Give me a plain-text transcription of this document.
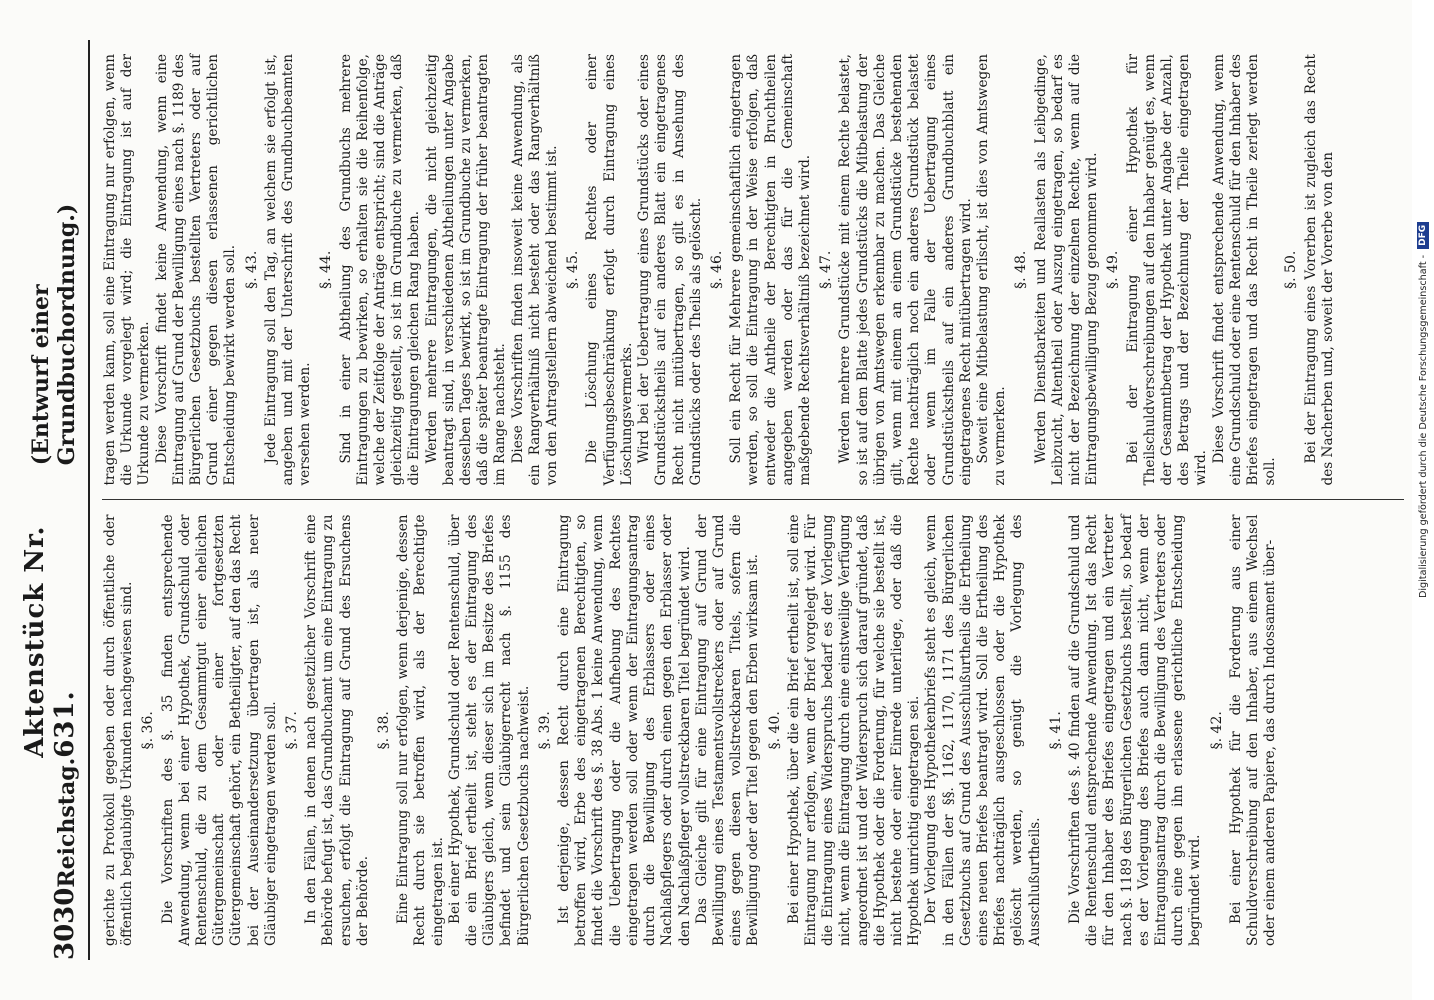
3030
Reichstag.
Aktenstück Nr. 631.
(Entwurf einer Grundbuchordnung.)

gerichte zu Protokoll gegeben oder durch öffentliche oder öffentlich beglaubigte Urkunden nachgewiesen sind. §. 36. Die Vorschriften des §. 35 finden entsprechende Anwendung, wenn bei einer Hypothek, Grundschuld oder Rentenschuld, die zu dem Gesammtgut einer ehelichen Gütergemeinschaft oder einer fortgesetzten Gütergemeinschaft gehört, ein Betheiligter, auf den das Recht bei der Auseinandersetzung übertragen ist, als neuer Gläubiger eingetragen werden soll. §. 37. In den Fällen, in denen nach gesetzlicher Vorschrift eine Behörde befugt ist, das Grundbuchamt um eine Eintragung zu ersuchen, erfolgt die Eintragung auf Grund des Ersuchens der Behörde.

§. 38. Eine Eintragung soll nur erfolgen, wenn derjenige, dessen Recht durch sie betroffen wird, als der Berechtigte eingetragen ist. Bei einer Hypothek, Grundschuld oder Rentenschuld, über die ein Brief ertheilt ist, steht es der Eintragung des Gläubigers gleich, wenn dieser sich im Besitze des Briefes befindet und sein Gläubigerrecht nach §. 1155 des Bürgerlichen Gesetzbuchs nachweist. §. 39. Ist derjenige, dessen Recht durch eine Eintragung betroffen wird, Erbe des eingetragenen Berechtigten, so findet die Vorschrift des §. 38 Abs. 1 keine Anwendung, wenn die Uebertragung oder die Aufhebung des Rechtes eingetragen werden soll oder wenn der Eintragungsantrag durch die Bewilligung des Erblassers oder eines Nachlaßpflegers oder durch einen gegen den Erblasser oder den Nachlaßpfleger vollstreckbaren Titel begründet wird. Das Gleiche gilt für eine Eintragung auf Grund der Bewilligung eines Testamentsvollstreckers oder auf Grund eines gegen diesen vollstreckbaren Titels, sofern die Bewilligung oder der Titel gegen den Erben wirksam ist. §. 40. Bei einer Hypothek, über die ein Brief ertheilt ist, soll eine Eintragung nur erfolgen, wenn der Brief vorgelegt wird. Für die Eintragung eines Widerspruchs bedarf es der Vorlegung nicht, wenn die Eintragung durch eine einstweilige Verfügung angeordnet ist und der Widerspruch sich darauf gründet, daß die Hypothek oder die Forderung, für welche sie bestellt ist, nicht bestehe oder einer Einrede unterliege, oder daß die Hypothek unrichtig eingetragen sei. Der Vorlegung des Hypothekenbriefs steht es gleich, wenn in den Fällen der §§. 1162, 1170, 1171 des Bürgerlichen Gesetzbuchs auf Grund des Ausschlußurtheils die Ertheilung eines neuen Briefes beantragt wird. Soll die Ertheilung des Briefes nachträglich ausgeschlossen oder die Hypothek gelöscht werden, so genügt die Vorlegung des Ausschlußurtheils.

§. 41. Die Vorschriften des §. 40 finden auf die Grundschuld und die Rentenschuld entsprechende Anwendung. Ist das Recht für den Inhaber des Briefes eingetragen und ein Vertreter nach §. 1189 des Bürgerlichen Gesetzbuchs bestellt, so bedarf es der Vorlegung des Briefes auch dann nicht, wenn der Eintragungsantrag durch die Bewilligung des Vertreters oder durch eine gegen ihn erlassene gerichtliche Entscheidung begründet wird.

§. 42. Bei einer Hypothek für die Forderung aus einer Schuldverschreibung auf den Inhaber, aus einem Wechsel oder einem anderen Papiere, das durch Indossament über-

tragen werden kann, soll eine Eintragung nur erfolgen, wenn die Urkunde vorgelegt wird; die Eintragung ist auf der Urkunde zu vermerken. Diese Vorschrift findet keine Anwendung, wenn eine Eintragung auf Grund der Bewilligung eines nach §. 1189 des Bürgerlichen Gesetzbuchs bestellten Vertreters oder auf Grund einer gegen diesen erlassenen gerichtlichen Entscheidung bewirkt werden soll. §. 43. Jede Eintragung soll den Tag, an welchem sie erfolgt ist, angeben und mit der Unterschrift des Grundbuchbeamten versehen werden.

§. 44. Sind in einer Abtheilung des Grundbuchs mehrere Eintragungen zu bewirken, so erhalten sie die Reihenfolge, welche der Zeitfolge der Anträge entspricht; sind die Anträge gleichzeitig gestellt, so ist im Grundbuche zu vermerken, daß die Eintragungen gleichen Rang haben. Werden mehrere Eintragungen, die nicht gleichzeitig beantragt sind, in verschiedenen Abtheilungen unter Angabe desselben Tages bewirkt, so ist im Grundbuche zu vermerken, daß die später beantragte Eintragung der früher beantragten im Range nachsteht. Diese Vorschriften finden insoweit keine Anwendung, als ein Rangverhältniß nicht besteht oder das Rangverhältniß von den Antragstellern abweichend bestimmt ist. §. 45. Die Löschung eines Rechtes oder einer Verfügungsbeschränkung erfolgt durch Eintragung eines Löschungsvermerks. Wird bei der Uebertragung eines Grundstücks oder eines Grundstückstheils auf ein anderes Blatt ein eingetragenes Recht nicht mitübertragen, so gilt es in Ansehung des Grundstücks oder des Theils als gelöscht. §. 46. Soll ein Recht für Mehrere gemeinschaftlich eingetragen werden, so soll die Eintragung in der Weise erfolgen, daß entweder die Antheile der Berechtigten in Bruchtheilen angegeben werden oder das für die Gemeinschaft maßgebende Rechtsverhältniß bezeichnet wird. §. 47. Werden mehrere Grundstücke mit einem Rechte belastet, so ist auf dem Blatte jedes Grundstücks die Mitbelastung der übrigen von Amtswegen erkennbar zu machen. Das Gleiche gilt, wenn mit einem an einem Grundstücke bestehenden Rechte nachträglich noch ein anderes Grundstück belastet oder wenn im Falle der Uebertragung eines Grundstückstheils auf ein anderes Grundbuchblatt ein eingetragenes Recht mitübertragen wird. Soweit eine Mitbelastung erlischt, ist dies von Amtswegen zu vermerken.

§. 48. Werden Dienstbarkeiten und Reallasten als Leibgedinge, Leibzucht, Altentheil oder Auszug eingetragen, so bedarf es nicht der Bezeichnung der einzelnen Rechte, wenn auf die Eintragungsbewilligung Bezug genommen wird. §. 49. Bei der Eintragung einer Hypothek für Theilschuldverschreibungen auf den Inhaber genügt es, wenn der Gesammtbetrag der Hypothek unter Angabe der Anzahl, des Betrags und der Bezeichnung der Theile eingetragen wird.

Diese Vorschrift findet entsprechende Anwendung, wenn eine Grundschuld oder eine Rentenschuld für den Inhaber des Briefes eingetragen und das Recht in Theile zerlegt werden soll.

§. 50. Bei der Eintragung eines Vorerben ist zugleich das Recht des Nacherben und, soweit der Vorerbe von den	Digitalisierung gefördert durch die Deutsche Forschungsgemeinschaft -
DFG
